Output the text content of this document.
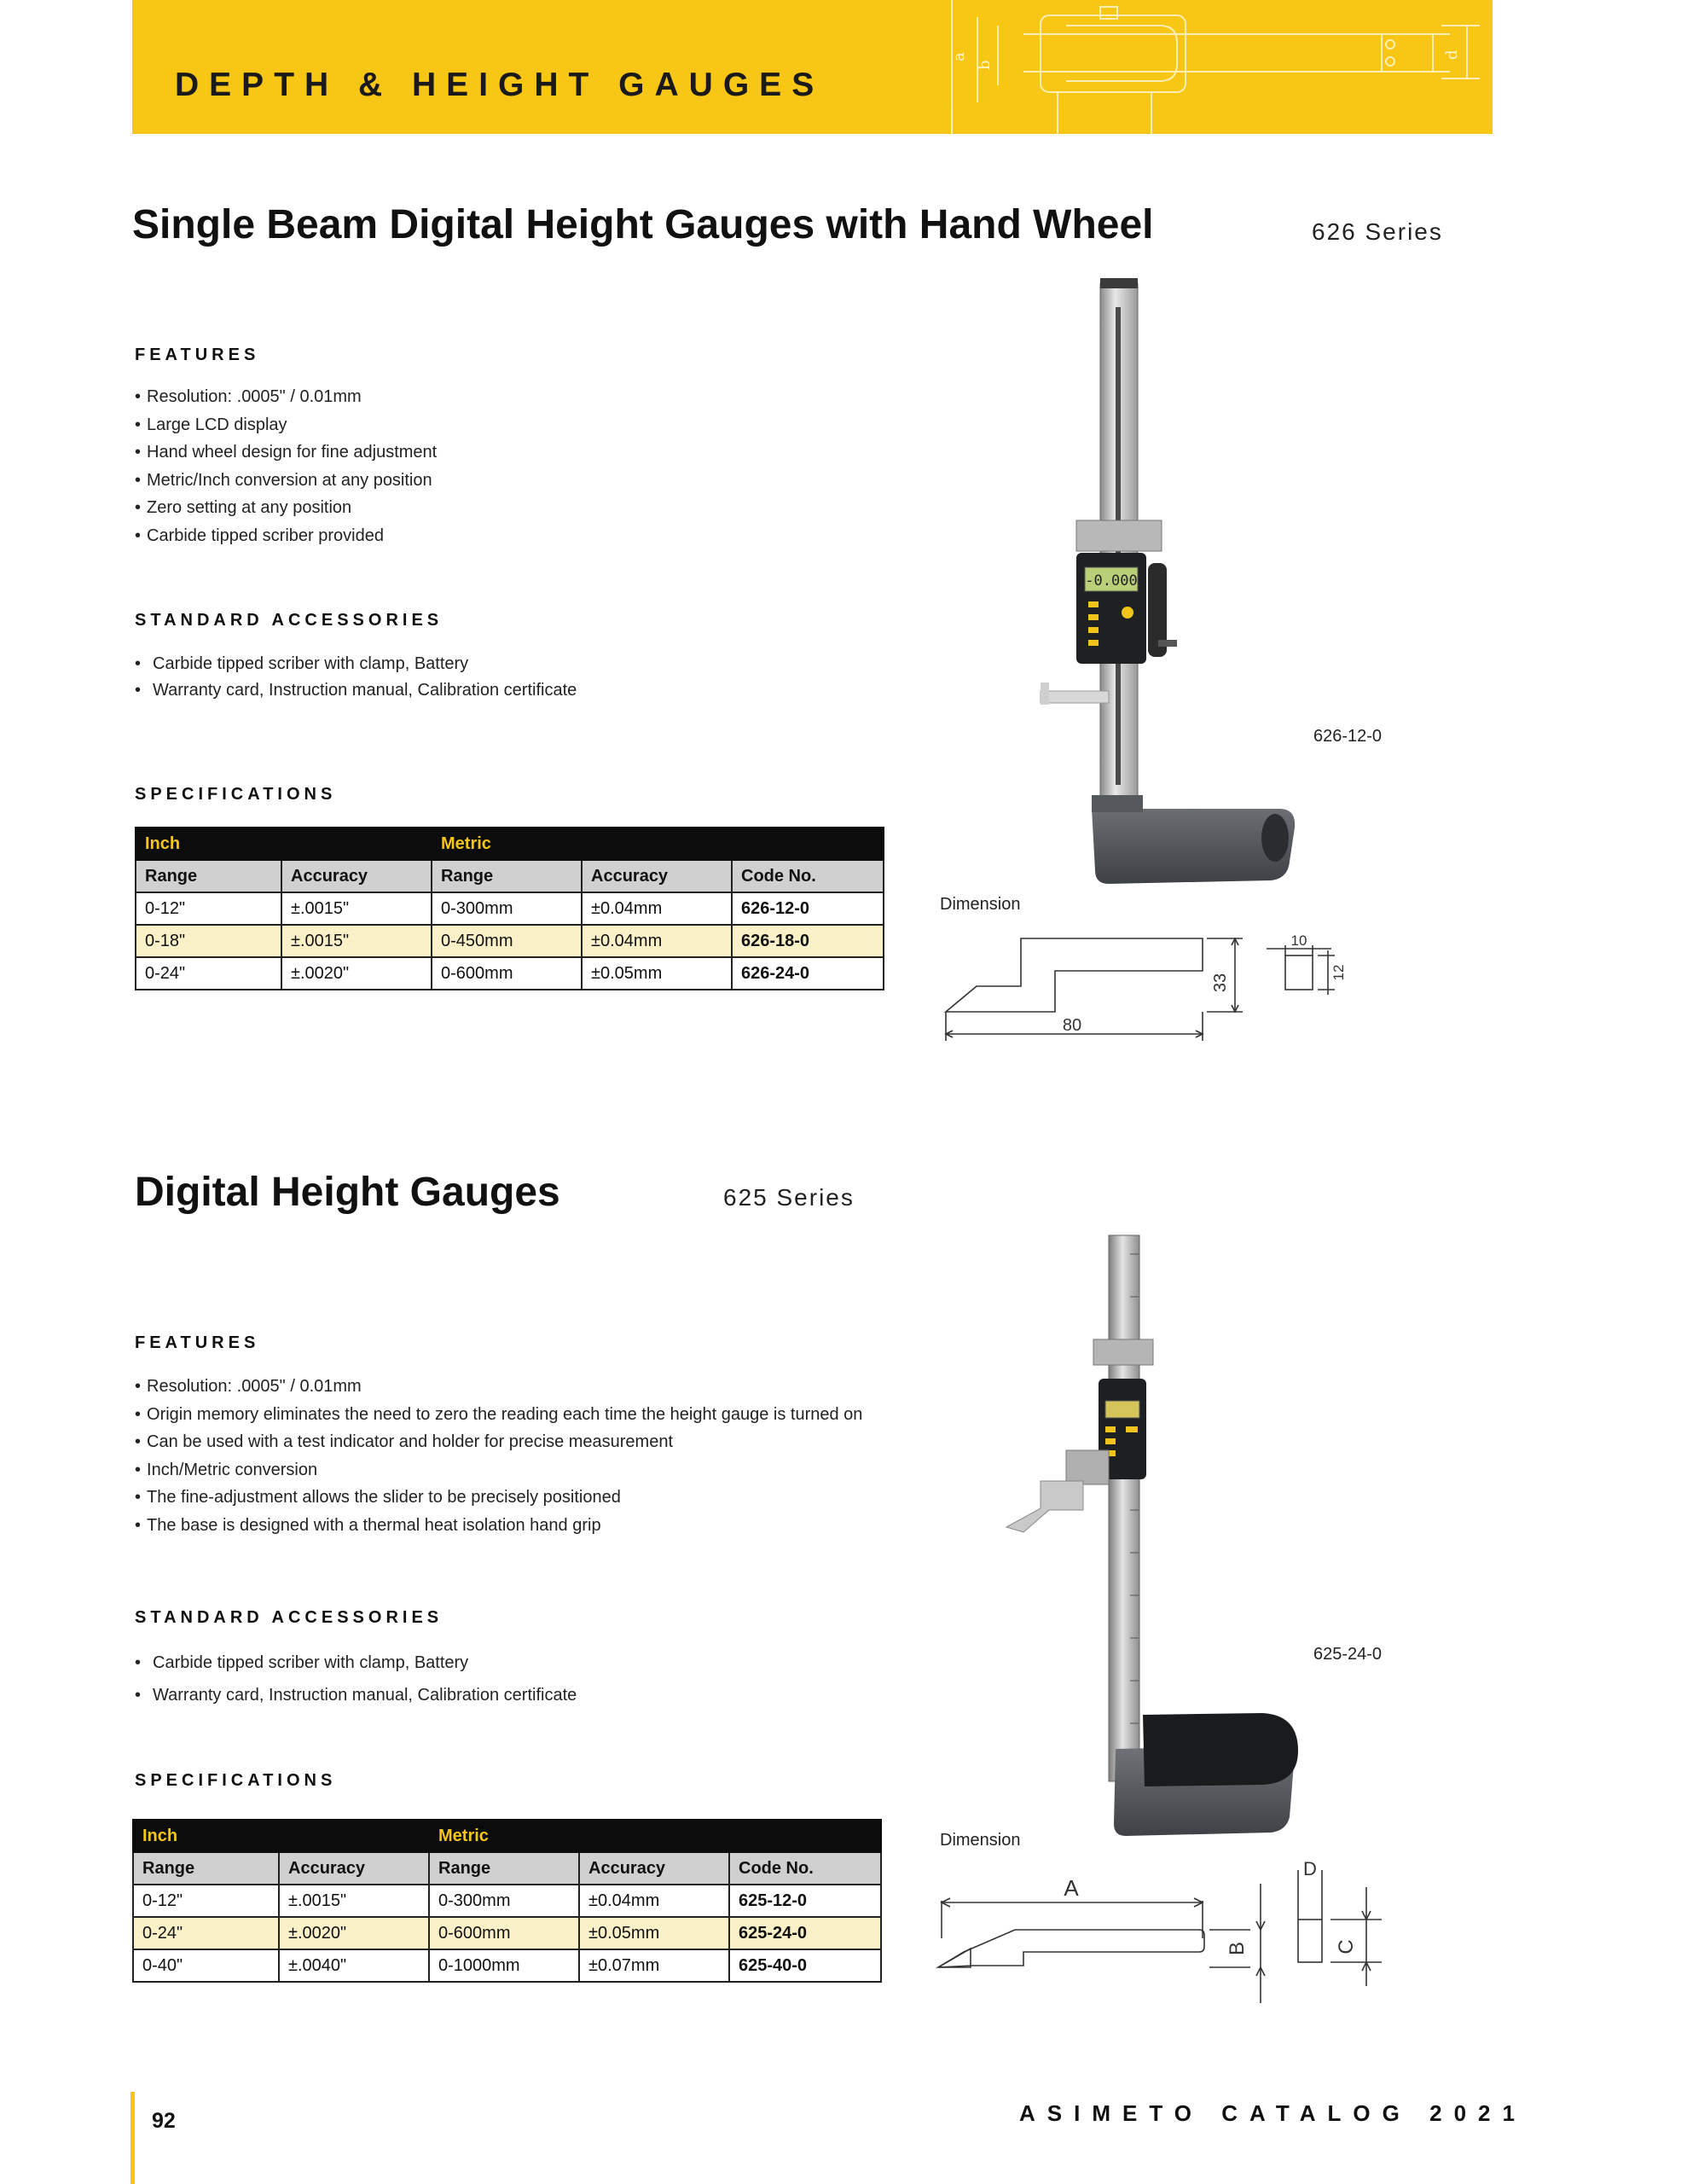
DEPTH & HEIGHT GAUGES
a
b
d
Single Beam Digital Height Gauges with Hand Wheel	626 Series
FEATURES
• Resolution: .0005" / 0.01mm
• Large LCD display
• Hand wheel design for fine adjustment
• Metric/Inch conversion at any position
• Zero setting at any position
• Carbide tipped scriber provided
STANDARD ACCESSORIES
• Carbide tipped scriber with clamp, Battery
• Warranty card, Instruction manual, Calibration certificate
SPECIFICATIONS
Inch		Metric		
Range	Accuracy	Range	Accuracy	Code No.
0-12"	±.0015"	0-300mm	±0.04mm	626-12-0
0-18"	±.0015"	0-450mm	±0.04mm	626-18-0
0-24"	±.0020"	0-600mm	±0.05mm	626-24-0
-0.000
626-12-0
Dimension
80
33
10
12
Digital Height Gauges	625 Series
FEATURES
• Resolution: .0005" / 0.01mm
• Origin memory eliminates the need to zero the reading each time the height gauge is turned on
• Can be used with a test indicator and holder for precise measurement
• Inch/Metric conversion
• The fine-adjustment allows the slider to be precisely positioned
• The base is designed with a thermal heat isolation hand grip
STANDARD ACCESSORIES
• Carbide tipped scriber with clamp, Battery
• Warranty card, Instruction manual, Calibration certificate
SPECIFICATIONS
Inch		Metric		
Range	Accuracy	Range	Accuracy	Code No.
0-12"	±.0015"	0-300mm	±0.04mm	625-12-0
0-24"	±.0020"	0-600mm	±0.05mm	625-24-0
0-40"	±.0040"	0-1000mm	±0.07mm	625-40-0
625-24-0
Dimension
A
B	C
D
92	ASIMETO CATALOG 2021
